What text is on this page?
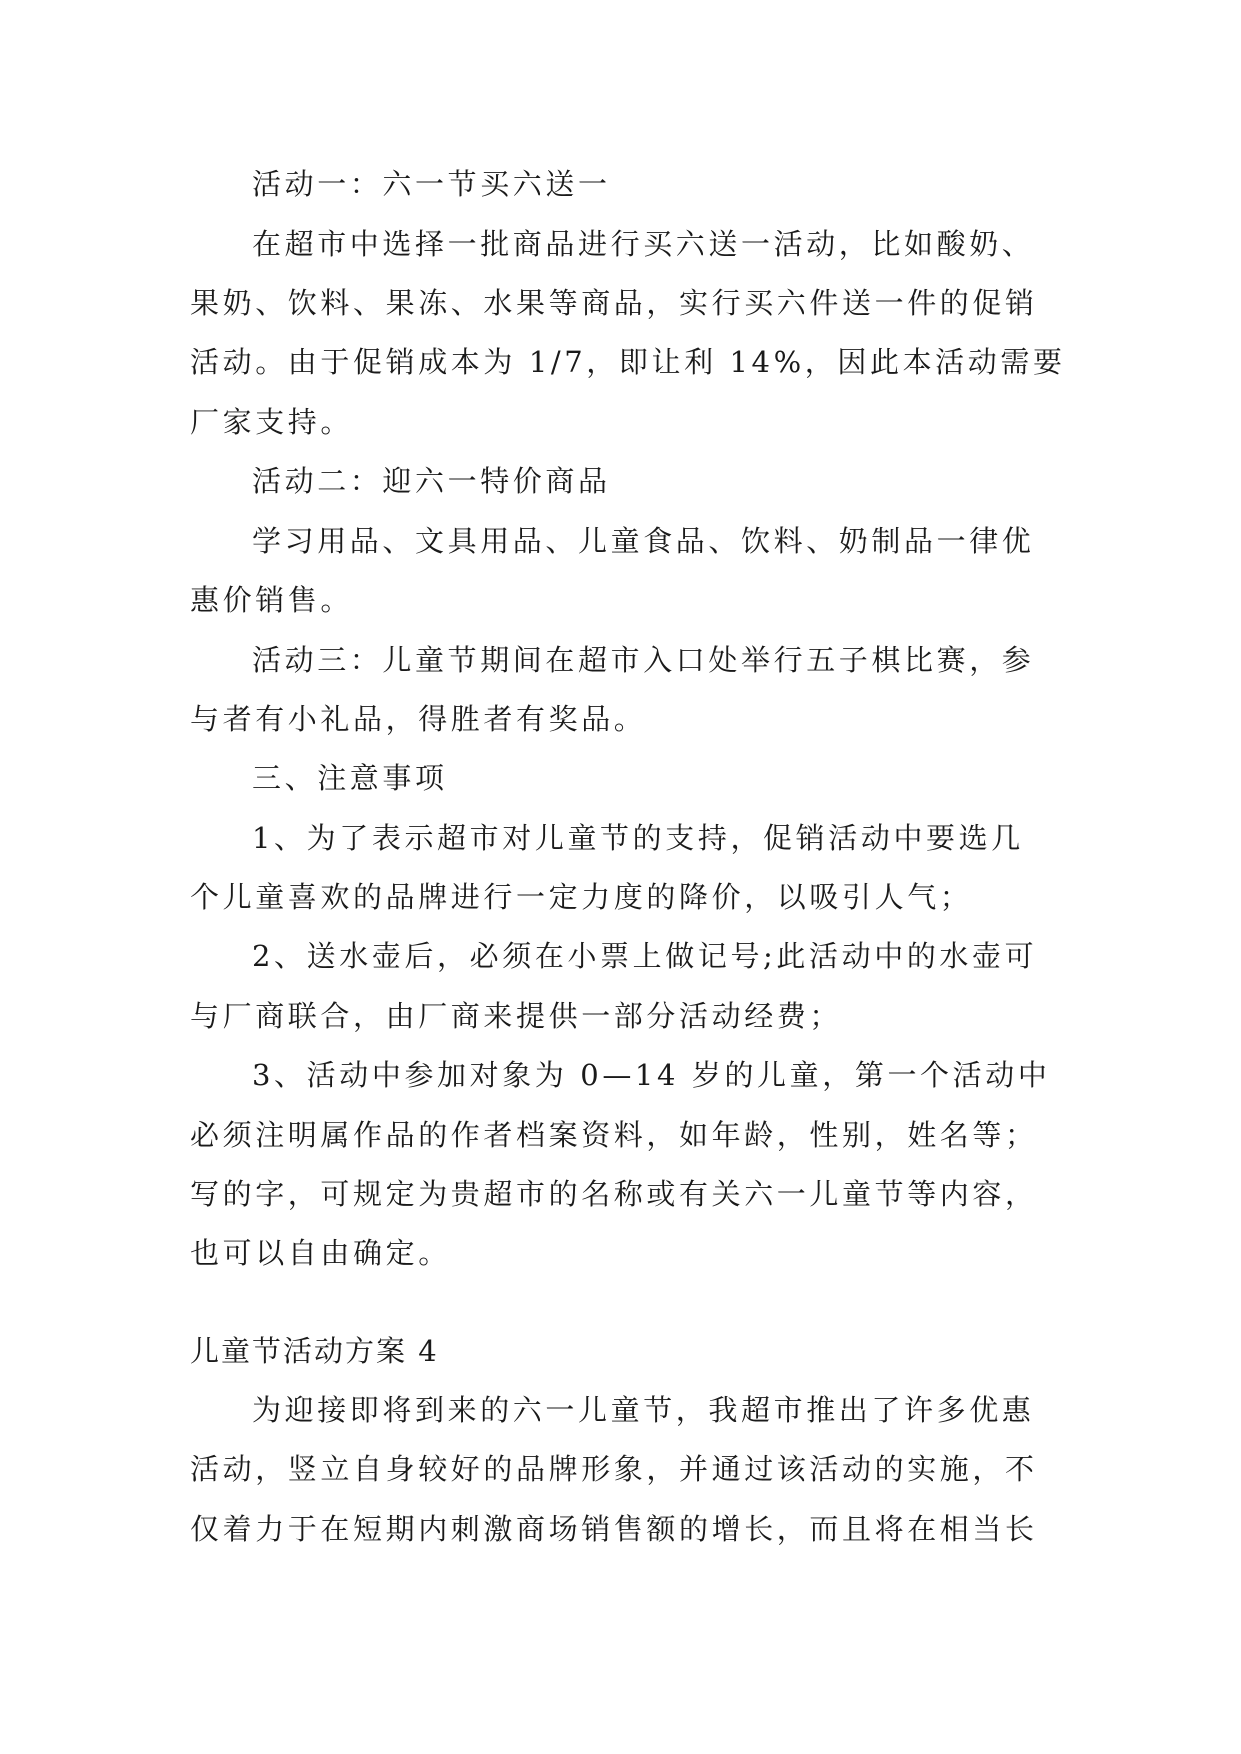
活动一：六一节买六送一
在超市中选择一批商品进行买六送一活动，比如酸奶、
果奶、饮料、果冻、水果等商品，实行买六件送一件的促销
活动。由于促销成本为 1/7，即让利 14%，因此本活动需要
厂家支持。
活动二：迎六一特价商品
学习用品、文具用品、儿童食品、饮料、奶制品一律优
惠价销售。
活动三：儿童节期间在超市入口处举行五子棋比赛，参
与者有小礼品，得胜者有奖品。
三、注意事项
1、为了表示超市对儿童节的支持，促销活动中要选几
个儿童喜欢的品牌进行一定力度的降价，以吸引人气；
2、送水壶后，必须在小票上做记号;此活动中的水壶可
与厂商联合，由厂商来提供一部分活动经费；
3、活动中参加对象为 0—14 岁的儿童，第一个活动中
必须注明属作品的作者档案资料，如年龄，性别，姓名等；
写的字，可规定为贵超市的名称或有关六一儿童节等内容，
也可以自由确定。
儿童节活动方案 4
为迎接即将到来的六一儿童节，我超市推出了许多优惠
活动，竖立自身较好的品牌形象，并通过该活动的实施，不
仅着力于在短期内刺激商场销售额的增长，而且将在相当长
